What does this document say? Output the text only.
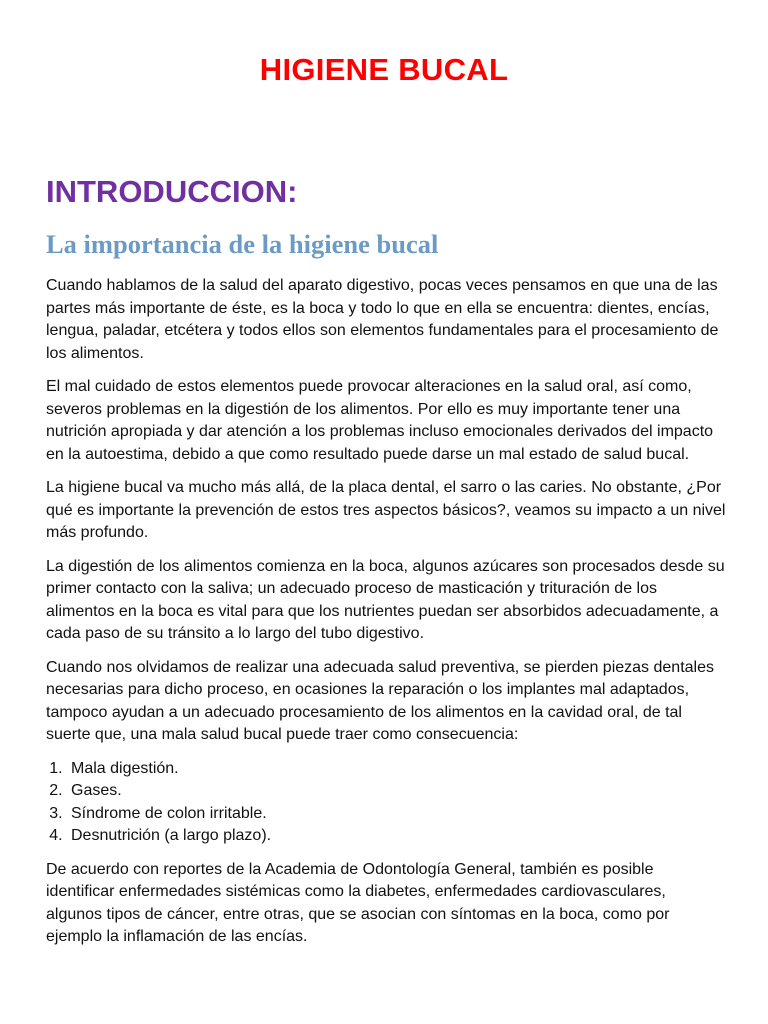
HIGIENE BUCAL
INTRODUCCION:
La importancia de la higiene bucal

Cuando hablamos de la salud del aparato digestivo, pocas veces pensamos en que una de las partes más importante de éste, es la boca y todo lo que en ella se encuentra: dientes, encías, lengua, paladar, etcétera y todos ellos son elementos fundamentales para el procesamiento de los alimentos.

El mal cuidado de estos elementos puede provocar alteraciones en la salud oral, así como, severos problemas en la digestión de los alimentos. Por ello es muy importante tener una nutrición apropiada y dar atención a los problemas incluso emocionales derivados del impacto en la autoestima, debido a que como resultado puede darse un mal estado de salud bucal.

La higiene bucal va mucho más allá, de la placa dental, el sarro o las caries. No obstante, ¿Por qué es importante la prevención de estos tres aspectos básicos?, veamos su impacto a un nivel más profundo.

La digestión de los alimentos comienza en la boca, algunos azúcares son procesados desde su primer contacto con la saliva; un adecuado proceso de masticación y trituración de los alimentos en la boca es vital para que los nutrientes puedan ser absorbidos adecuadamente, a cada paso de su tránsito a lo largo del tubo digestivo.

Cuando nos olvidamos de realizar una adecuada salud preventiva, se pierden piezas dentales necesarias para dicho proceso, en ocasiones la reparación o los implantes mal adaptados, tampoco ayudan a un adecuado procesamiento de los alimentos en la cavidad oral, de tal suerte que, una mala salud bucal puede traer como consecuencia:

1. Mala digestión.
2. Gases.
3. Síndrome de colon irritable.
4. Desnutrición (a largo plazo).

De acuerdo con reportes de la Academia de Odontología General, también es posible identificar enfermedades sistémicas como la diabetes, enfermedades cardiovasculares, algunos tipos de cáncer, entre otras, que se asocian con síntomas en la boca, como por ejemplo la inflamación de las encías.
